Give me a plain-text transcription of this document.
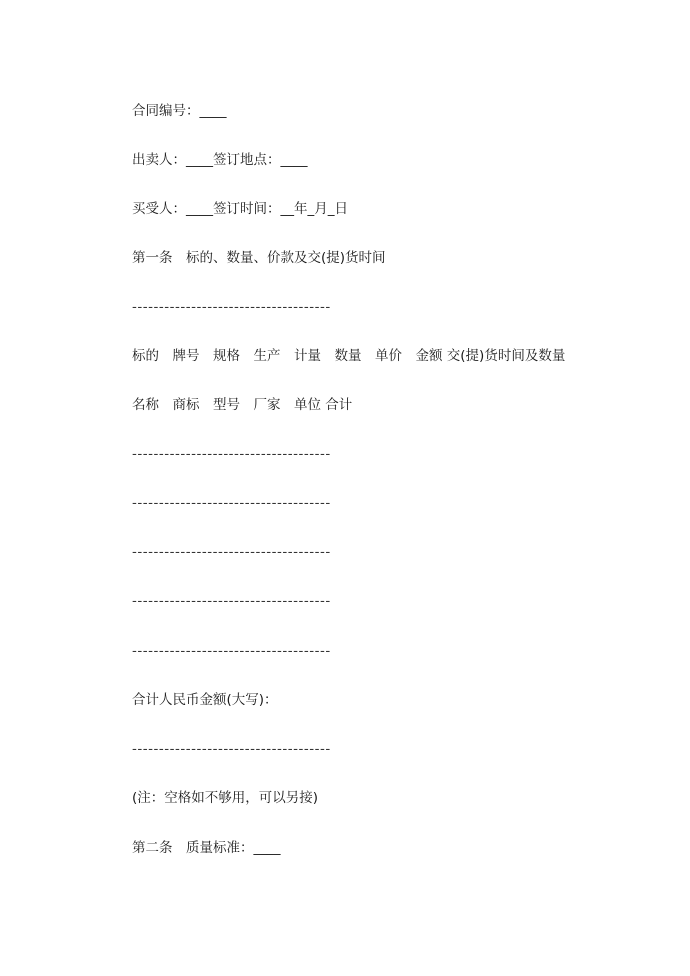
合同编号：____
出卖人：____签订地点：____
买受人：____签订时间：__年_月_日
第一条　标的、数量、价款及交(提)货时间
-------------------------------------
标的　牌号　规格　生产　计量　数量　单价　金额 交(提)货时间及数量
名称　商标　型号　厂家　单位 合计
-------------------------------------
-------------------------------------
-------------------------------------
-------------------------------------
-------------------------------------
合计人民币金额(大写)：
-------------------------------------
(注：空格如不够用，可以另接)
第二条　质量标准：____
